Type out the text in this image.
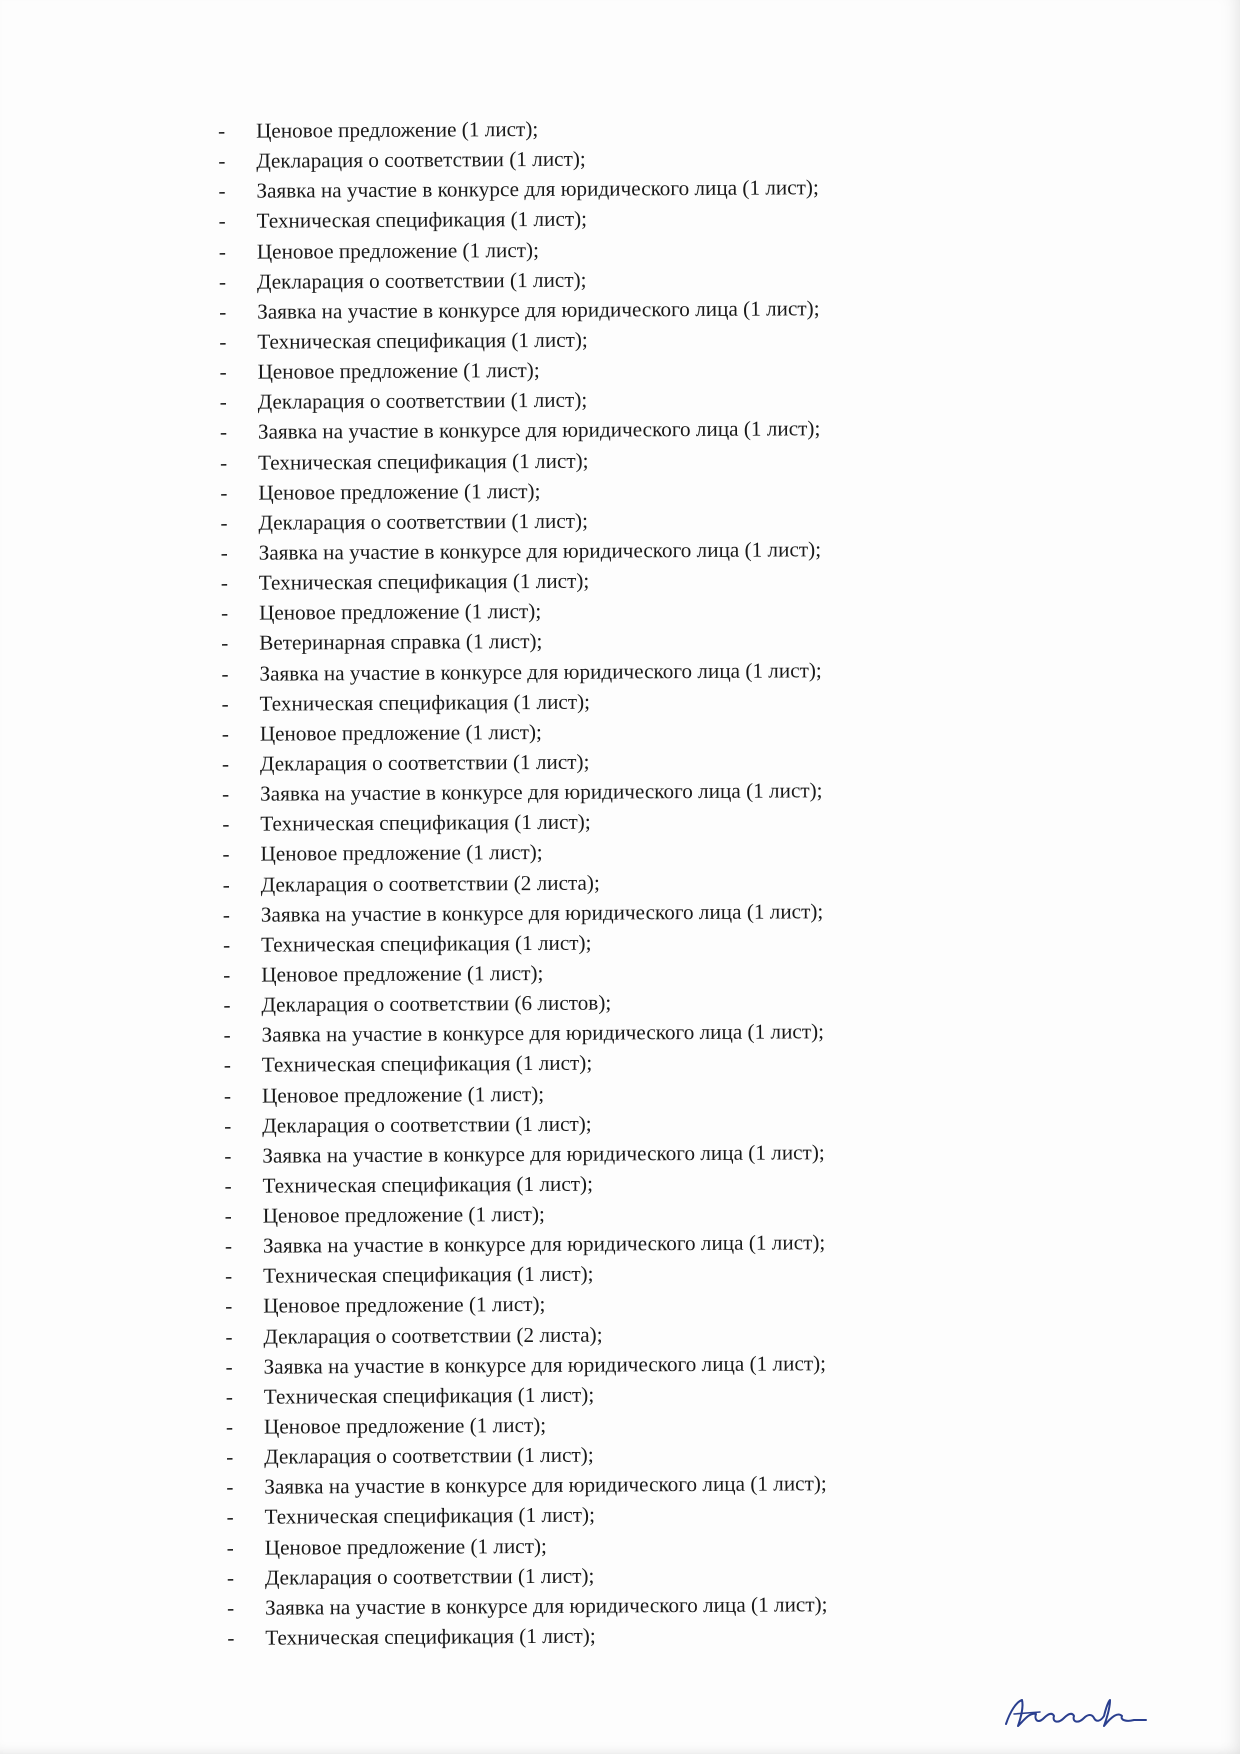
-	Ценовое предложение (1 лист);
-	Декларация о соответствии (1 лист);
-	Заявка на участие в конкурсе для юридического лица (1 лист);
-	Техническая спецификация (1 лист);
-	Ценовое предложение (1 лист);
-	Декларация о соответствии (1 лист);
-	Заявка на участие в конкурсе для юридического лица (1 лист);
-	Техническая спецификация (1 лист);
-	Ценовое предложение (1 лист);
-	Декларация о соответствии (1 лист);
-	Заявка на участие в конкурсе для юридического лица (1 лист);
-	Техническая спецификация (1 лист);
-	Ценовое предложение (1 лист);
-	Декларация о соответствии (1 лист);
-	Заявка на участие в конкурсе для юридического лица (1 лист);
-	Техническая спецификация (1 лист);
-	Ценовое предложение (1 лист);
-	Ветеринарная справка (1 лист);
-	Заявка на участие в конкурсе для юридического лица (1 лист);
-	Техническая спецификация (1 лист);
-	Ценовое предложение (1 лист);
-	Декларация о соответствии (1 лист);
-	Заявка на участие в конкурсе для юридического лица (1 лист);
-	Техническая спецификация (1 лист);
-	Ценовое предложение (1 лист);
-	Декларация о соответствии (2 листа);
-	Заявка на участие в конкурсе для юридического лица (1 лист);
-	Техническая спецификация (1 лист);
-	Ценовое предложение (1 лист);
-	Декларация о соответствии (6 листов);
-	Заявка на участие в конкурсе для юридического лица (1 лист);
-	Техническая спецификация (1 лист);
-	Ценовое предложение (1 лист);
-	Декларация о соответствии (1 лист);
-	Заявка на участие в конкурсе для юридического лица (1 лист);
-	Техническая спецификация (1 лист);
-	Ценовое предложение (1 лист);
-	Заявка на участие в конкурсе для юридического лица (1 лист);
-	Техническая спецификация (1 лист);
-	Ценовое предложение (1 лист);
-	Декларация о соответствии (2 листа);
-	Заявка на участие в конкурсе для юридического лица (1 лист);
-	Техническая спецификация (1 лист);
-	Ценовое предложение (1 лист);
-	Декларация о соответствии (1 лист);
-	Заявка на участие в конкурсе для юридического лица (1 лист);
-	Техническая спецификация (1 лист);
-	Ценовое предложение (1 лист);
-	Декларация о соответствии (1 лист);
-	Заявка на участие в конкурсе для юридического лица (1 лист);
-	Техническая спецификация (1 лист);
